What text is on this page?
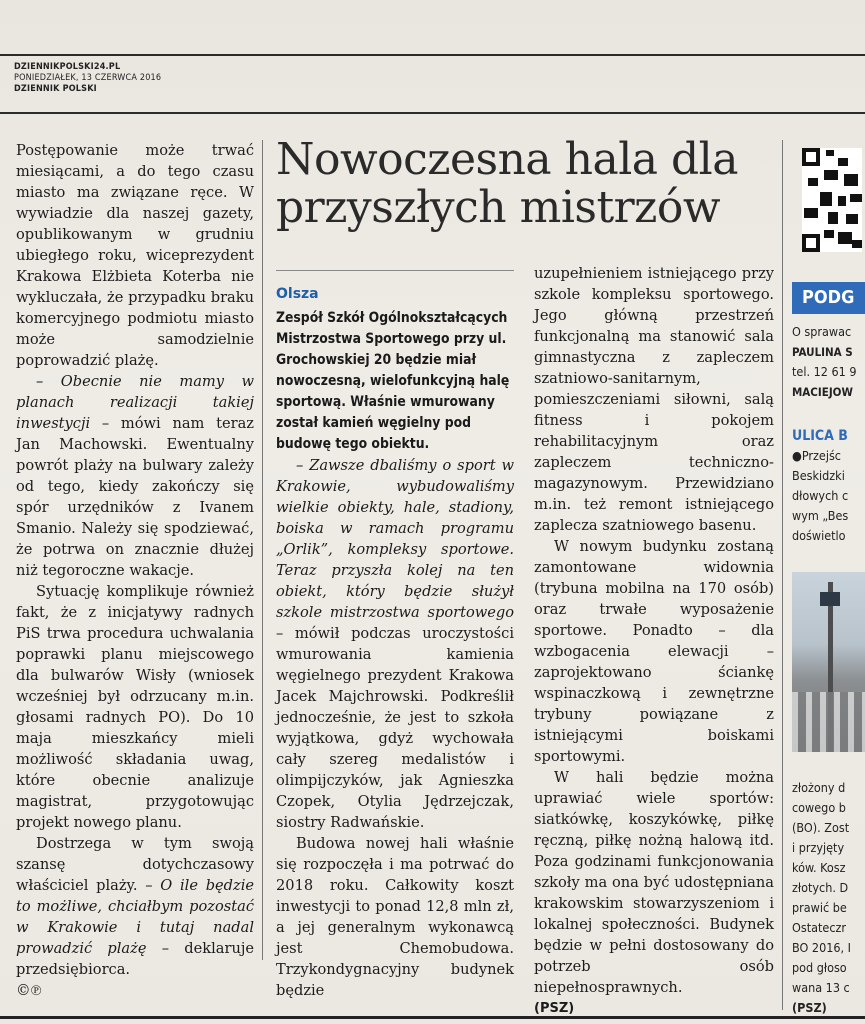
DZIENNIKPOLSKI24.PL
PONIEDZIAŁEK, 13 CZERWCA 2016
DZIENNIK POLSKI

Postępowanie może trwać miesiącami, a do tego czasu miasto ma związane ręce. W wywiadzie dla naszej gazety, opublikowanym w grudniu ubiegłego roku, wiceprezydent Krakowa Elżbieta Koterba nie wykluczała, że przypadku braku komercyjnego podmiotu miasto może samodzielnie poprowadzić plażę.

– Obecnie nie mamy w planach realizacji takiej inwestycji – mówi nam teraz Jan Machowski. Ewentualny powrót plaży na bulwary zależy od tego, kiedy zakończy się spór urzędników z Ivanem Smanio. Należy się spodziewać, że potrwa on znacznie dłużej niż tegoroczne wakacje.

Sytuację komplikuje również fakt, że z inicjatywy radnych PiS trwa procedura uchwalania poprawki planu miejscowego dla bulwarów Wisły (wniosek wcześniej był odrzucany m.in. głosami radnych PO). Do 10 maja mieszkańcy mieli możliwość składania uwag, które obecnie analizuje magistrat, przygotowując projekt nowego planu.

Dostrzega w tym swoją szansę dotychczasowy właściciel plaży. – O ile będzie to możliwe, chciałbym pozostać w Krakowie i tutaj nadal prowadzić plażę – deklaruje przedsiębiorca.

©℗

Nowoczesna hala dla przyszłych mistrzów
Olsza

Zespół Szkół Ogólnokształcących Mistrzostwa Sportowego przy ul. Grochowskiej 20 będzie miał nowoczesną, wielofunkcyjną halę sportową. Właśnie wmurowany został kamień węgielny pod budowę tego obiektu.

– Zawsze dbaliśmy o sport w Krakowie, wybudowaliśmy wielkie obiekty, hale, stadiony, boiska w ramach programu „Orlik”, kompleksy sportowe. Teraz przyszła kolej na ten obiekt, który będzie służył szkole mistrzostwa sportowego – mówił podczas uroczystości wmurowania kamienia węgielnego prezydent Krakowa Jacek Majchrowski. Podkreślił jednocześnie, że jest to szkoła wyjątkowa, gdyż wychowała cały szereg medalistów i olimpijczyków, jak Agnieszka Czopek, Otylia Jędrzejczak, siostry Radwańskie.

Budowa nowej hali właśnie się rozpoczęła i ma potrwać do 2018 roku. Całkowity koszt inwestycji to ponad 12,8 mln zł, a jej generalnym wykonawcą jest Chemobudowa. Trzykondygnacyjny budynek będzie

uzupełnieniem istniejącego przy szkole kompleksu sportowego. Jego główną przestrzeń funkcjonalną ma stanowić sala gimnastyczna z zapleczem szatniowo-sanitarnym, pomieszczeniami siłowni, salą fitness i pokojem rehabilitacyjnym oraz zapleczem techniczno-magazynowym. Przewidziano m.in. też remont istniejącego zaplecza szatniowego basenu.

W nowym budynku zostaną zamontowane widownia (trybuna mobilna na 170 osób) oraz trwałe wyposażenie sportowe. Ponadto – dla wzbogacenia elewacji – zaprojektowano ściankę wspinaczkową i zewnętrzne trybuny powiązane z istniejącymi boiskami sportowymi.

W hali będzie można uprawiać wiele sportów: siatkówkę, koszykówkę, piłkę ręczną, piłkę nożną halową itd. Poza godzinami funkcjonowania szkoły ma ona być udostępniana krakowskim stowarzyszeniom i lokalnej społeczności. Budynek będzie w pełni dostosowany do potrzeb osób niepełnosprawnych.

(PSZ)

PODG
O sprawac
PAULINA S
tel. 12 61 9
MACIEJOW
ULICA B
●Przejśc
Beskidzki
dłowych c
wym „Bes
doświetlo
złożony d
cowego b
(BO). Zost
i przyjęty
ków. Kosz
złotych. D
prawić be
Ostateczr
BO 2016, I
pod głoso
wana 13 c
(PSZ)
